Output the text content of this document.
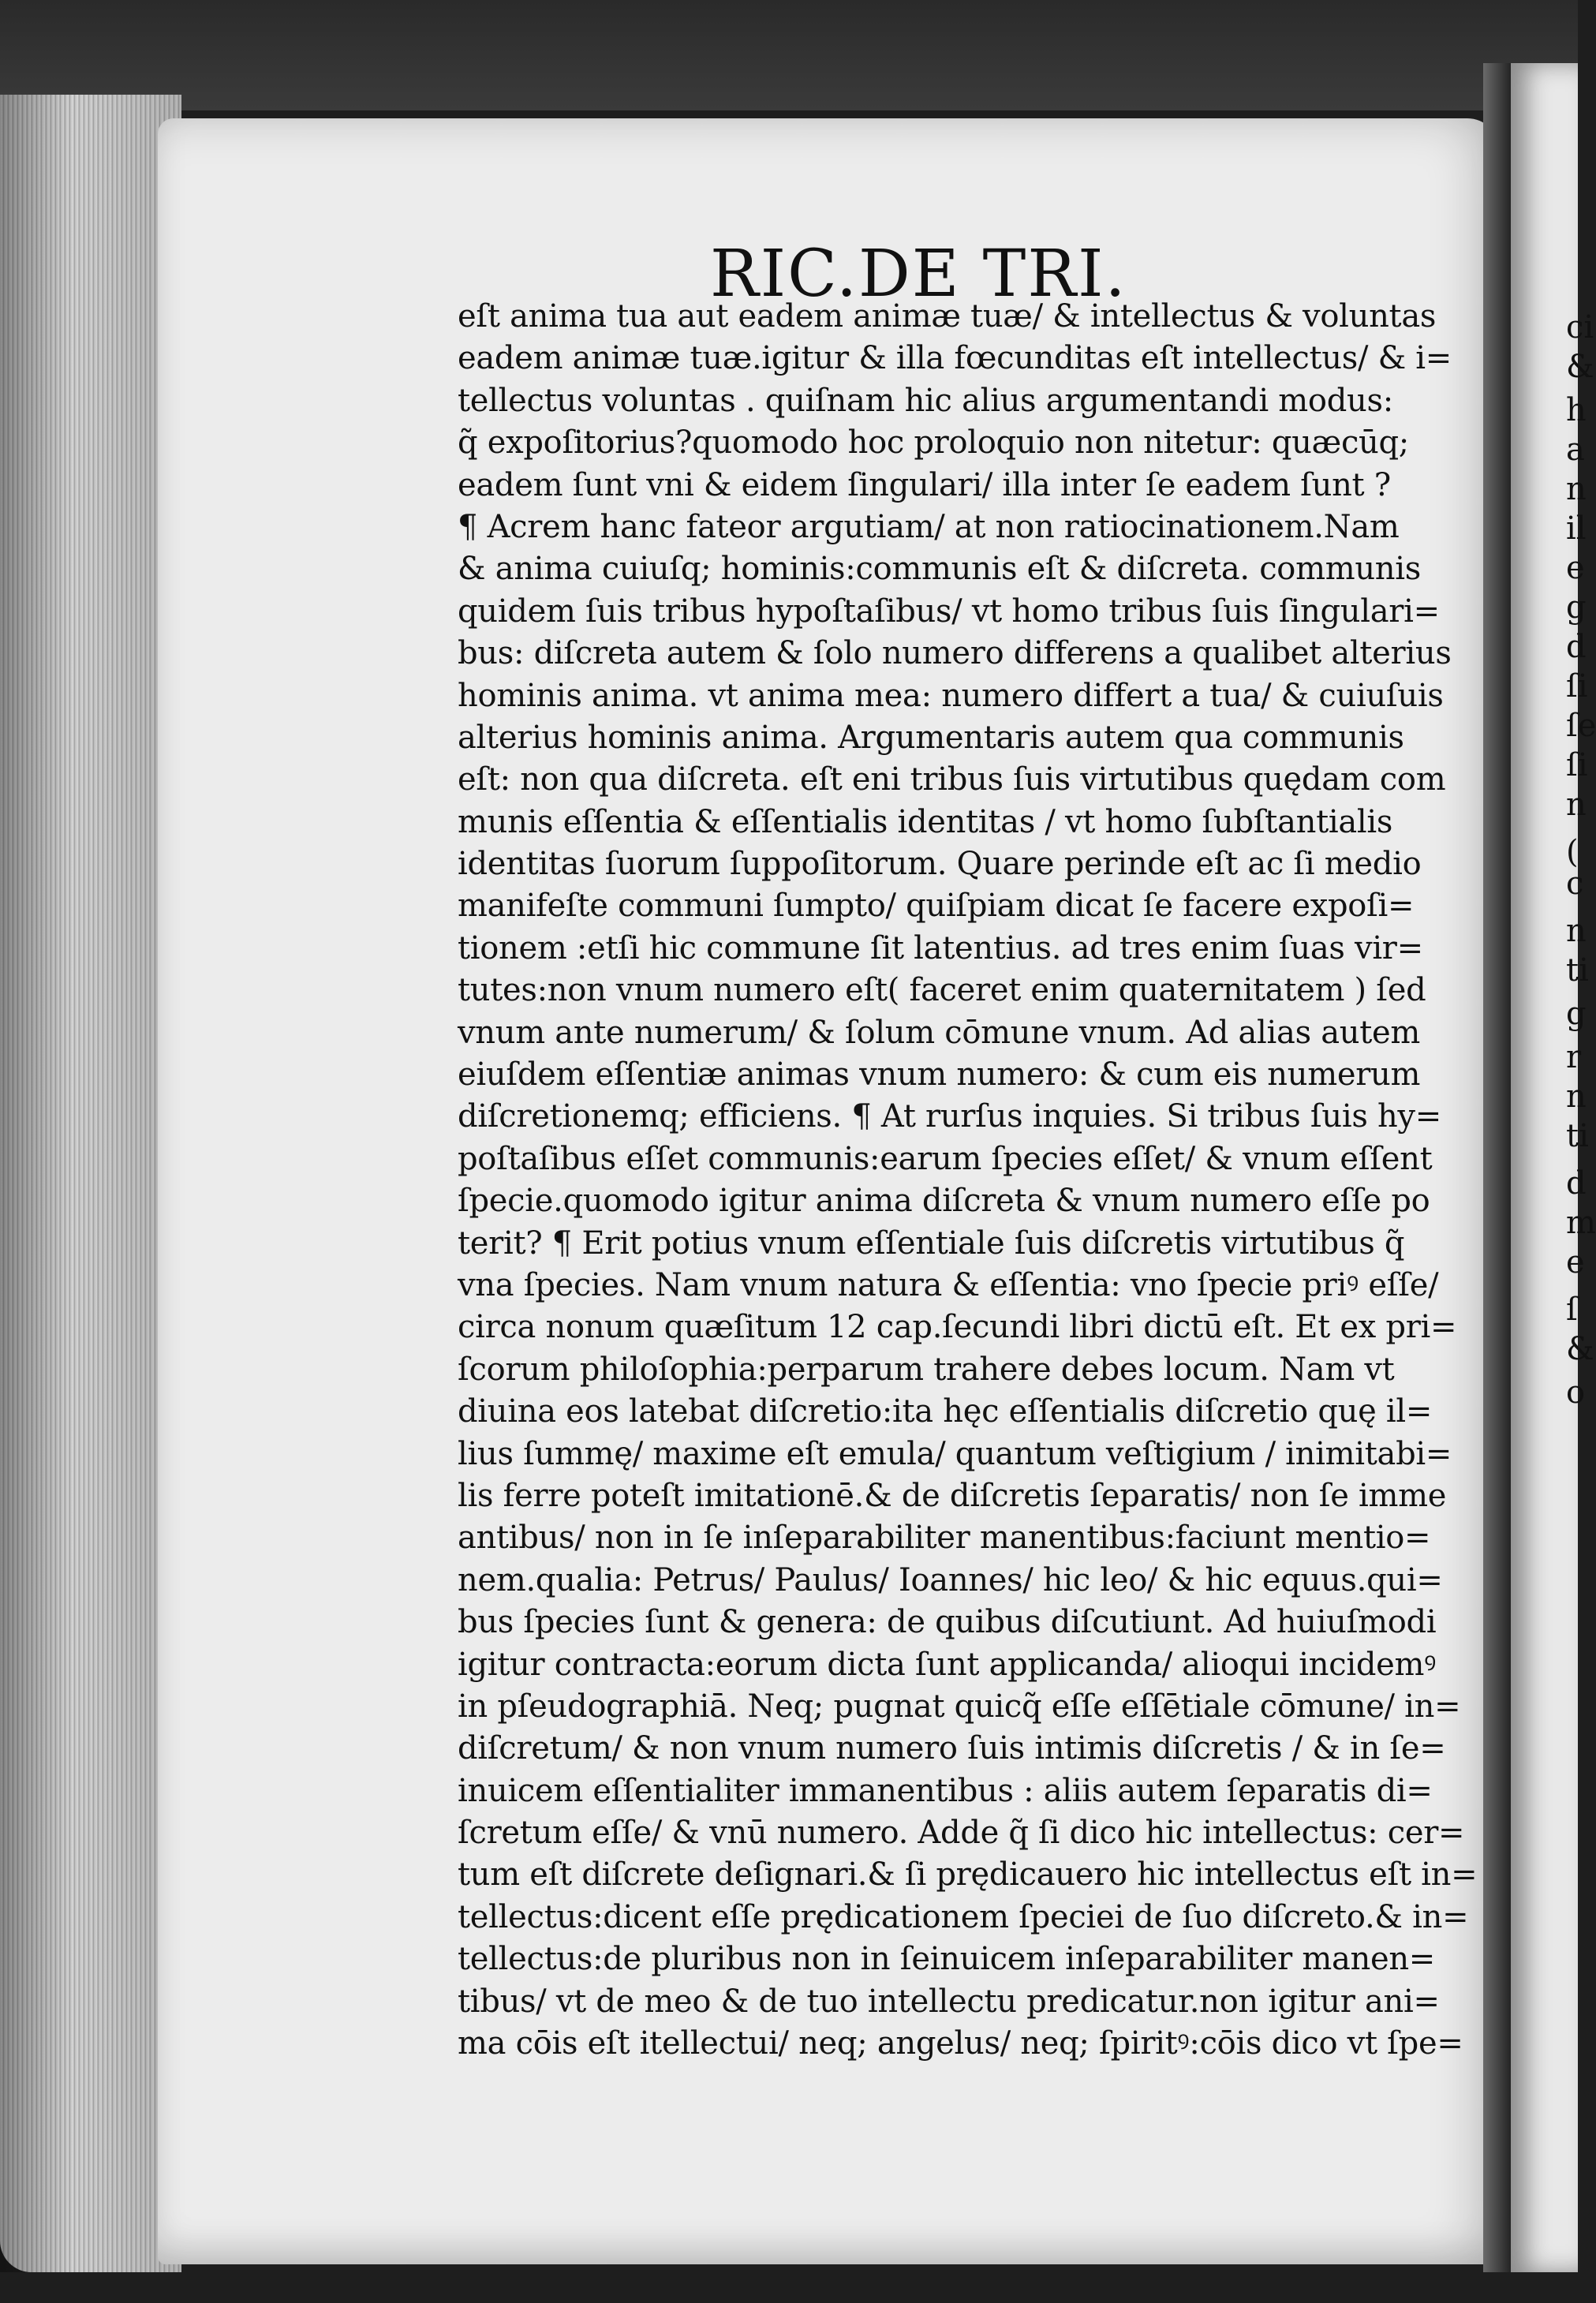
ci
&
h
a
n
il
e
g
d
ſi
ſe
ſi
n
(
c
n
ti
g
r
n
ti
d
m
e
ſ
&
o
RIC.DE TRI.
eſt anima tua aut eadem animæ tuæ/ & intellectus & voluntas
eadem animæ tuæ.igitur & illa fœcunditas eſt intellectus/ & i=
tellectus voluntas . quiſnam hic alius argumentandi modus:
q̃ expoſitorius?quomodo hoc proloquio non nitetur: quæcūq;
eadem ſunt vni & eidem ſingulari/ illa inter ſe eadem ſunt ?
¶ Acrem hanc fateor argutiam/ at non ratiocinationem.Nam
& anima cuiuſq; hominis:communis eſt & diſcreta. communis
quidem ſuis tribus hypoſtaſibus/ vt homo tribus ſuis ſingulari=
bus: diſcreta autem & ſolo numero differens a qualibet alterius
hominis anima. vt anima mea: numero differt a tua/ & cuiuſuis
alterius hominis anima. Argumentaris autem qua communis
eſt: non qua diſcreta. eſt eni tribus ſuis virtutibus quędam com
munis eſſentia & eſſentialis identitas / vt homo ſubſtantialis
identitas ſuorum ſuppoſitorum. Quare perinde eſt ac ſi medio
manifeſte communi ſumpto/ quiſpiam dicat ſe facere expoſi=
tionem :etſi hic commune ſit latentius. ad tres enim ſuas vir=
tutes:non vnum numero eſt( faceret enim quaternitatem ) ſed
vnum ante numerum/ & ſolum cōmune vnum. Ad alias autem
eiuſdem eſſentiæ animas vnum numero: & cum eis numerum
diſcretionemq; efficiens. ¶ At rurſus inquies. Si tribus ſuis hy=
poſtaſibus eſſet communis:earum ſpecies eſſet/ & vnum eſſent
ſpecie.quomodo igitur anima diſcreta & vnum numero eſſe po
terit? ¶ Erit potius vnum eſſentiale ſuis diſcretis virtutibus q̃
vna ſpecies. Nam vnum natura & eſſentia: vno ſpecie priꝰ eſſe/
circa nonum quæſitum 12 cap.ſecundi libri dictū eſt. Et ex pri=
ſcorum philoſophia:perparum trahere debes locum. Nam vt
diuina eos latebat diſcretio:ita hęc eſſentialis diſcretio quę il=
lius ſummę/ maxime eſt emula/ quantum veſtigium / inimitabi=
lis ferre poteſt imitationē.& de diſcretis ſeparatis/ non ſe imme
antibus/ non in ſe inſeparabiliter manentibus:faciunt mentio=
nem.qualia: Petrus/ Paulus/ Ioannes/ hic leo/ & hic equus.qui=
bus ſpecies ſunt & genera: de quibus diſcutiunt. Ad huiuſmodi
igitur contracta:eorum dicta ſunt applicanda/ alioqui incidemꝰ
in pſeudographiā. Neq; pugnat quicq̃ eſſe eſſētiale cōmune/ in=
diſcretum/ & non vnum numero ſuis intimis diſcretis / & in ſe=
inuicem eſſentialiter immanentibus : aliis autem ſeparatis di=
ſcretum eſſe/ & vnū numero. Adde q̃ ſi dico hic intellectus: cer=
tum eſt diſcrete deſignari.& ſi prędicauero hic intellectus eſt in=
tellectus:dicent eſſe prędicationem ſpeciei de ſuo diſcreto.& in=
tellectus:de pluribus non in ſeinuicem inſeparabiliter manen=
tibus/ vt de meo & de tuo intellectu predicatur.non igitur ani=
ma cōis eſt itellectui/ neq; angelus/ neq; ſpiritꝰ:cōis dico vt ſpe=
